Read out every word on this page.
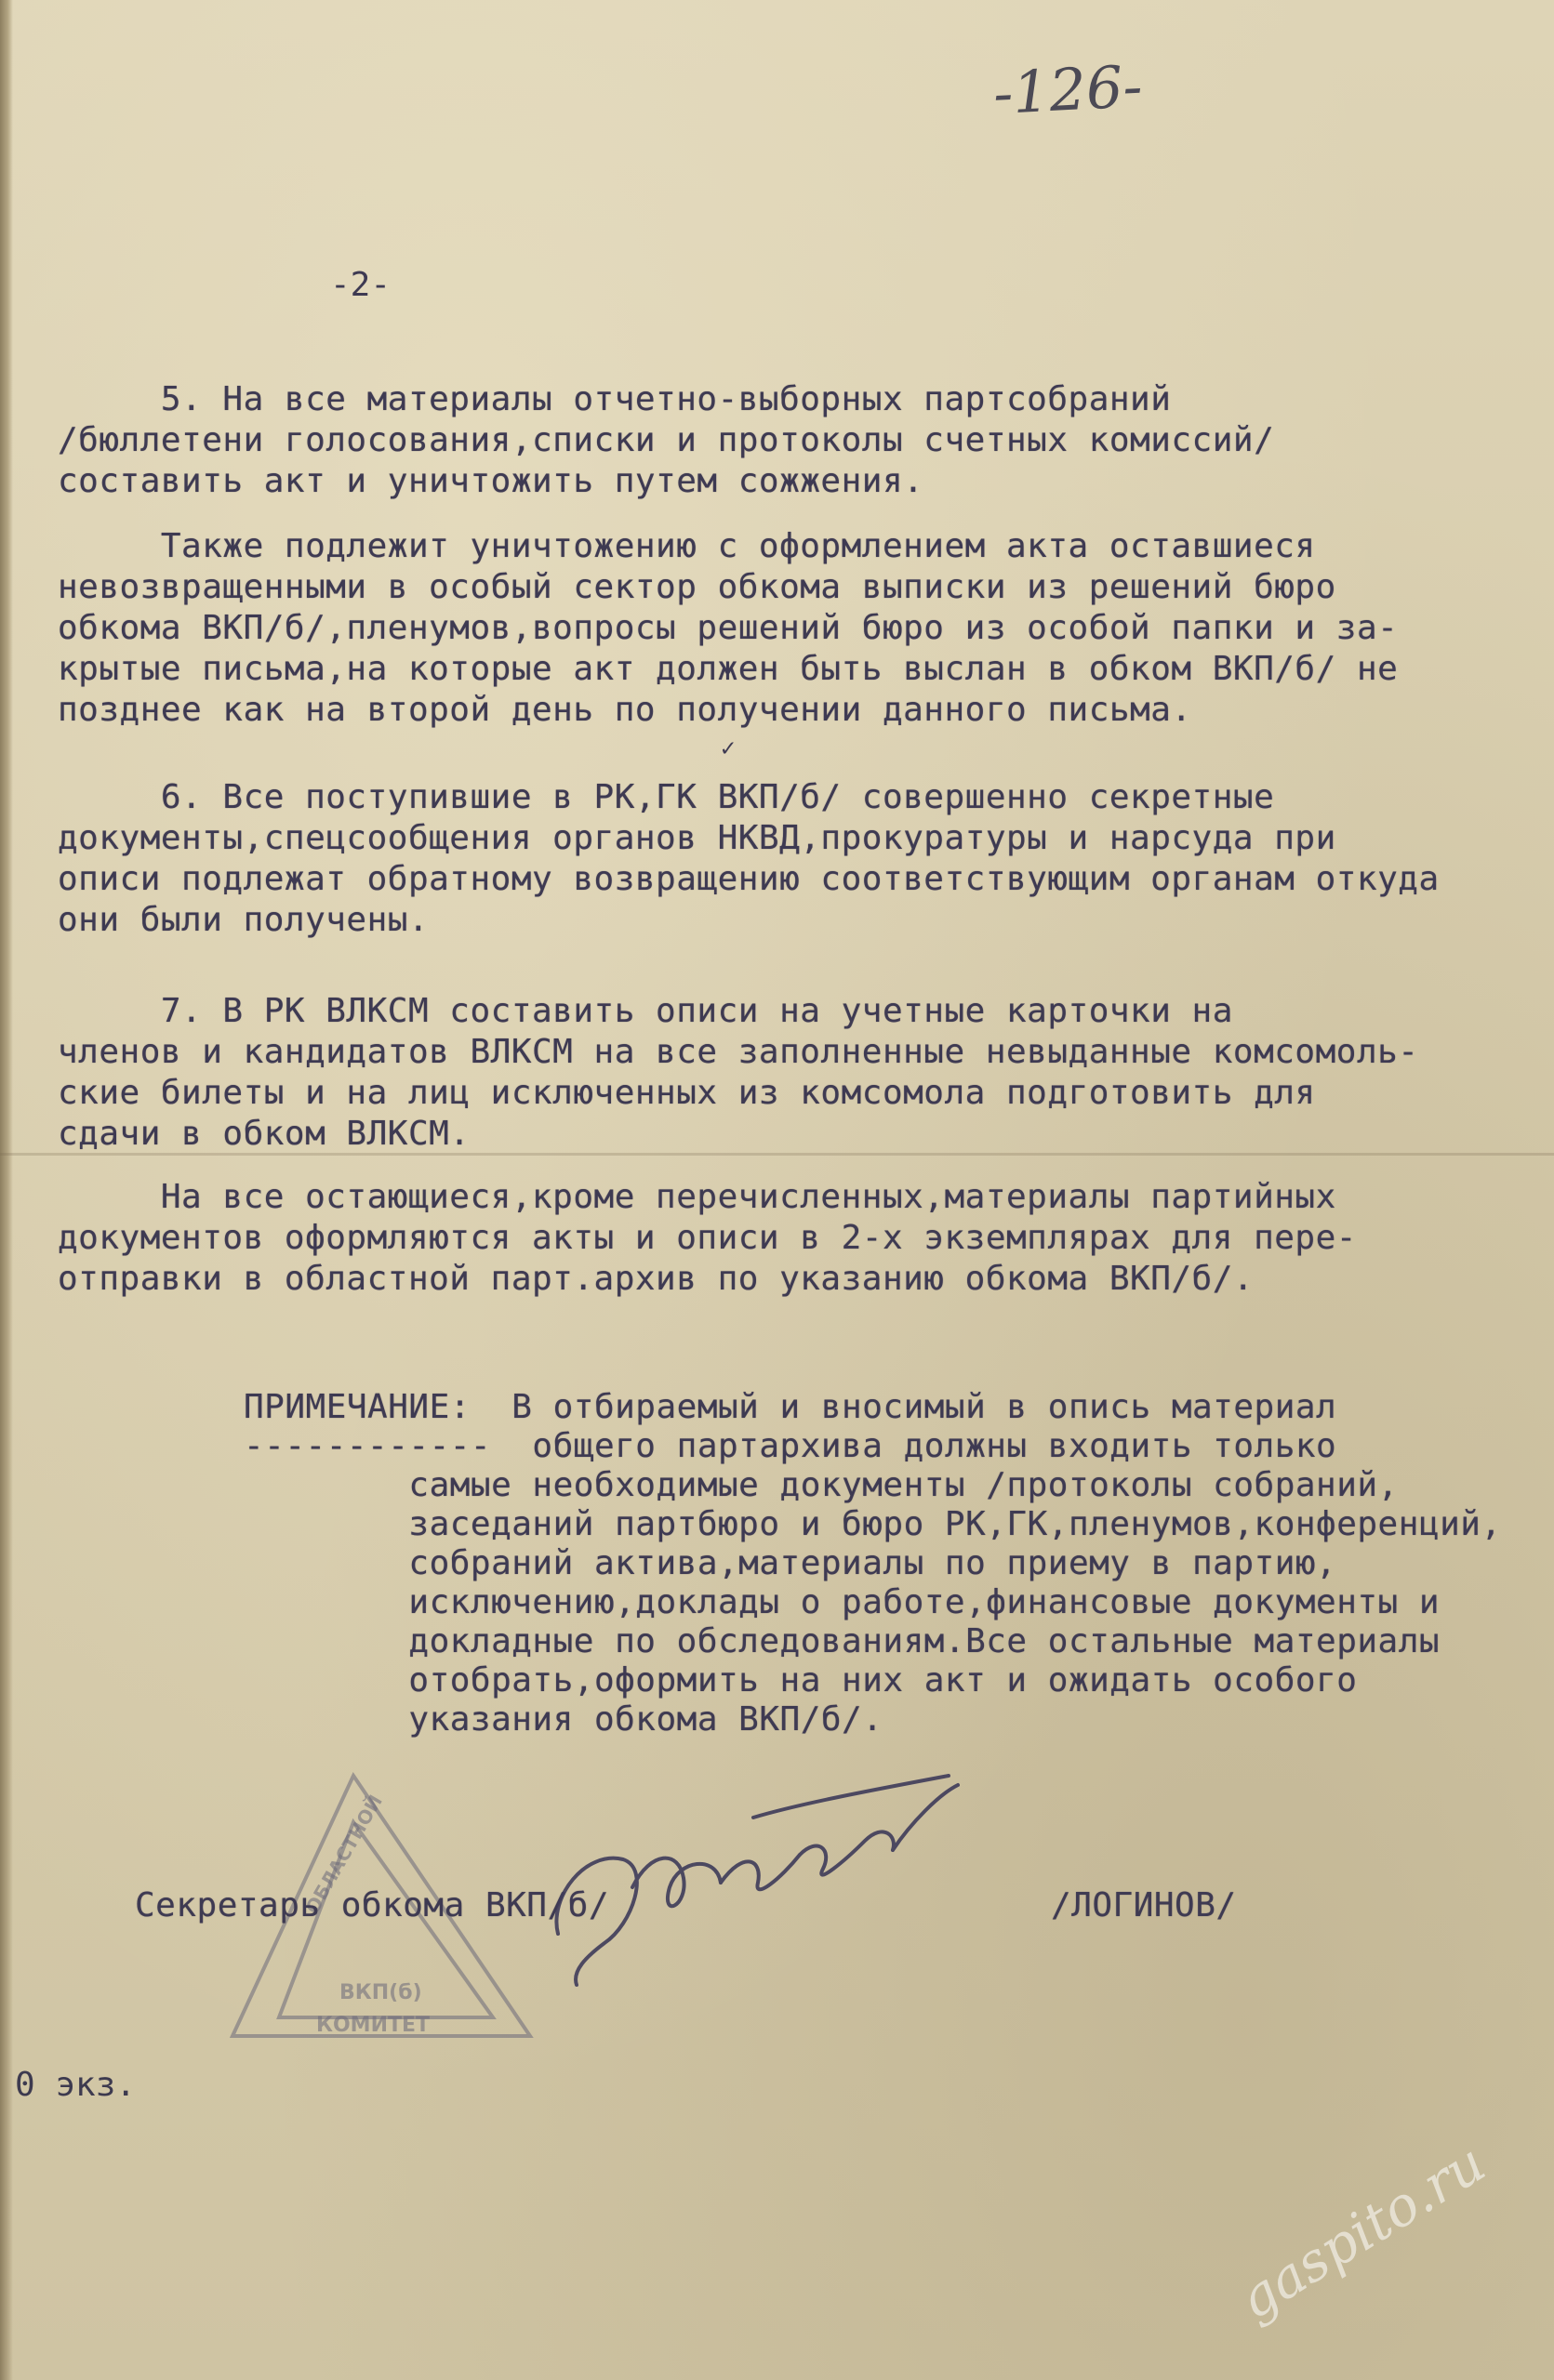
-126-
-2-
5. На все материалы отчетно-выборных партсобраний
/бюллетени голосования,списки и протоколы счетных комиссий/
составить акт и уничтожить путем сожжения.
Также подлежит уничтожению с оформлением акта оставшиеся
невозвращенными в особый сектор обкома выписки из решений бюро
обкома ВКП/б/,пленумов,вопросы решений бюро из особой папки и за-
крытые письма,на которые акт должен быть выслан в обком ВКП/б/ не
позднее как на второй день по получении данного письма.
✓
6. Все поступившие в РК,ГК ВКП/б/ совершенно секретные
документы,спецсообщения органов НКВД,прокуратуры и нарсуда при
описи подлежат обратному возвращению соответствующим органам откуда
они были получены.
7. В РК ВЛКСМ составить описи на учетные карточки на
членов и кандидатов ВЛКСМ на все заполненные невыданные комсомоль-
ские билеты и на лиц исключенных из комсомола подготовить для
сдачи в обком ВЛКСМ.
На все остающиеся,кроме перечисленных,материалы партийных
документов оформляются акты и описи в 2-х экземплярах для пере-
отправки в областной парт.архив по указанию обкома ВКП/б/.
ПРИМЕЧАНИЕ:  В отбираемый и вносимый в опись материал
------------  общего партархива должны входить только
самые необходимые документы /протоколы собраний,
заседаний партбюро и бюро РК,ГК,пленумов,конференций,
собраний актива,материалы по приему в партию,
исключению,доклады о работе,финансовые документы и
докладные по обследованиям.Все остальные материалы
отобрать,оформить на них акт и ожидать особого
указания обкома ВКП/б/.
ОБЛАСТНОЙ
ВКП(б)
КОМИТЕТ
Секретарь обкома ВКП/б/	/ЛОГИНОВ/
0 экз.
gaspito.ru
